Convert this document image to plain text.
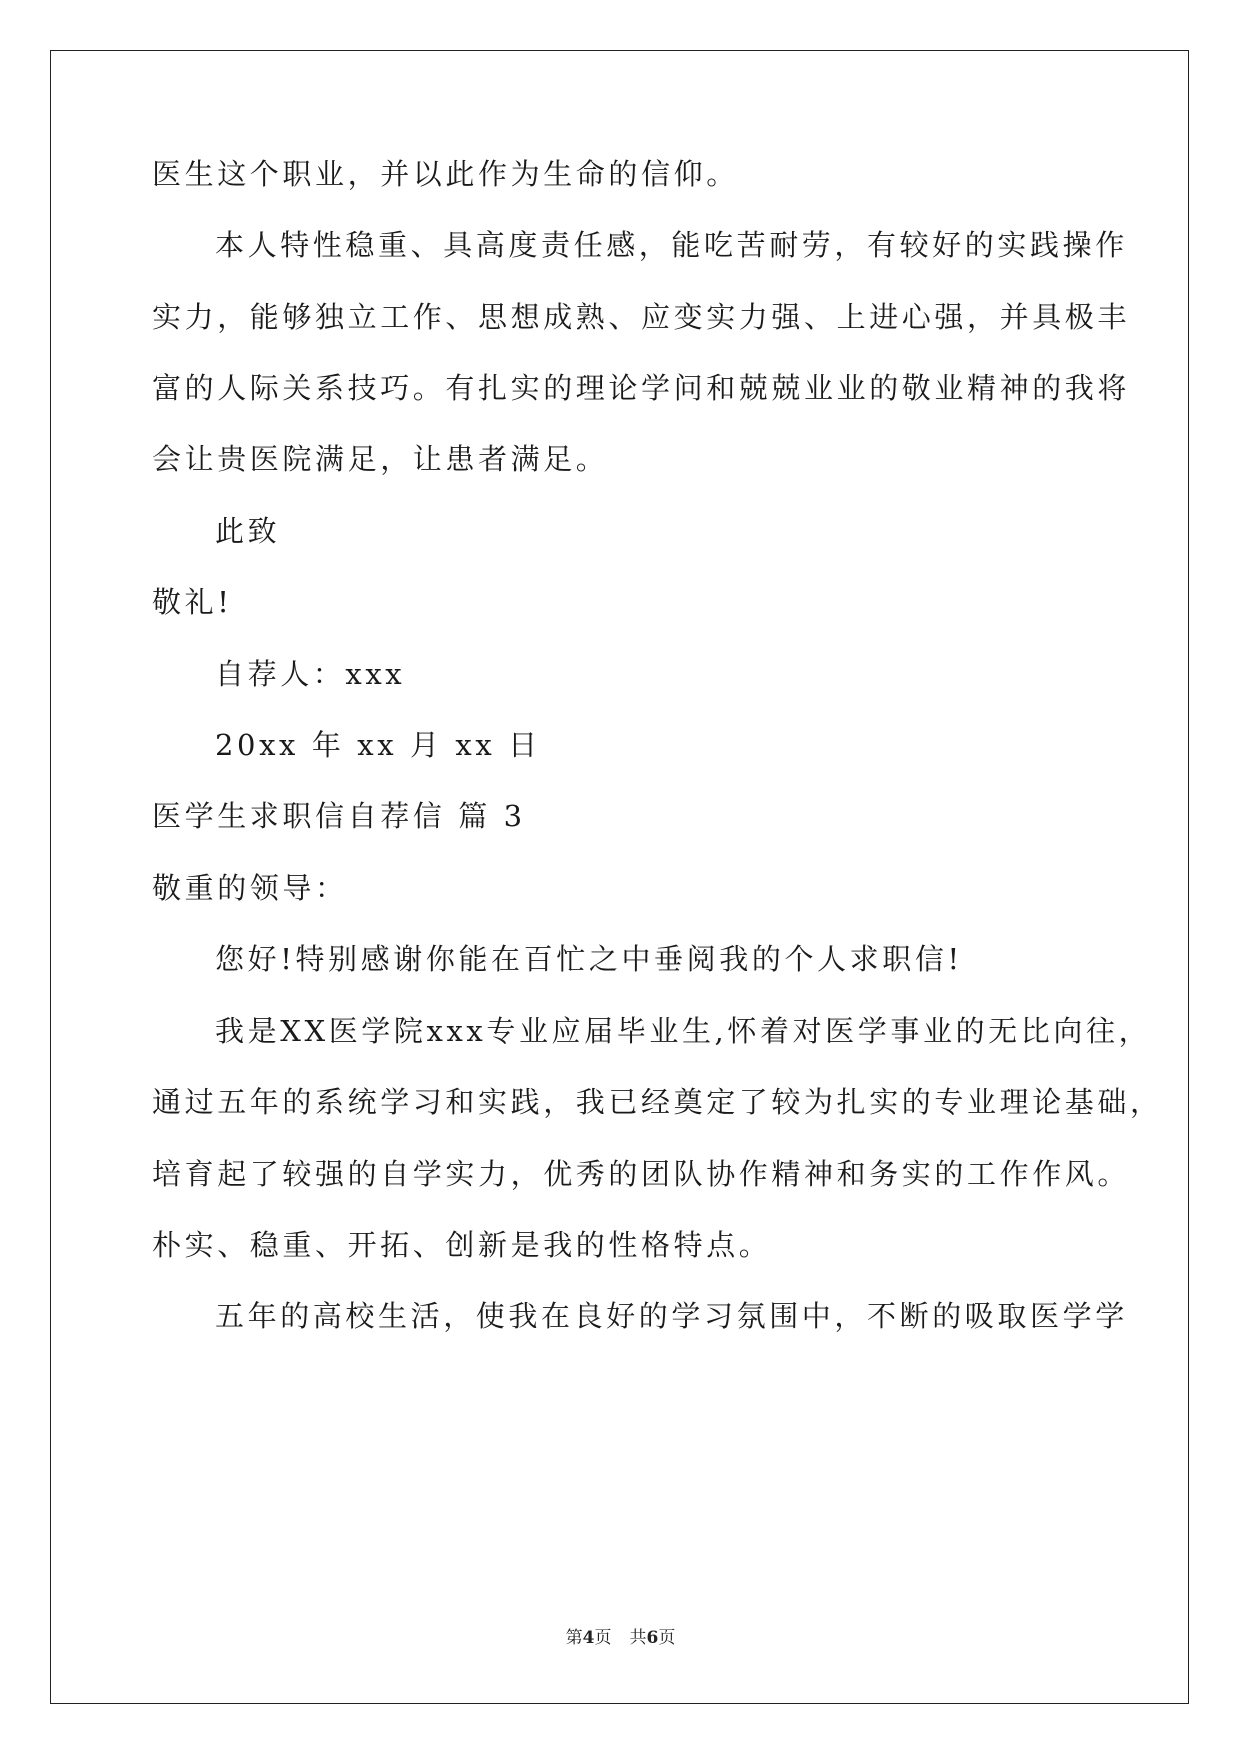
医生这个职业，并以此作为生命的信仰。
本人特性稳重、具高度责任感，能吃苦耐劳，有较好的实践操作
实力，能够独立工作、思想成熟、应变实力强、上进心强，并具极丰
富的人际关系技巧。有扎实的理论学问和兢兢业业的敬业精神的我将
会让贵医院满足，让患者满足。
此致
敬礼!
自荐人：xxx
20xx 年 xx 月 xx 日
医学生求职信自荐信 篇 3
敬重的领导：
您好!特别感谢你能在百忙之中垂阅我的个人求职信!
我是XX医学院xxx专业应届毕业生,怀着对医学事业的无比向往，
通过五年的系统学习和实践，我已经奠定了较为扎实的专业理论基础，
培育起了较强的自学实力，优秀的团队协作精神和务实的工作作风。
朴实、稳重、开拓、创新是我的性格特点。
五年的高校生活，使我在良好的学习氛围中，不断的吸取医学学
第4页 共6页
